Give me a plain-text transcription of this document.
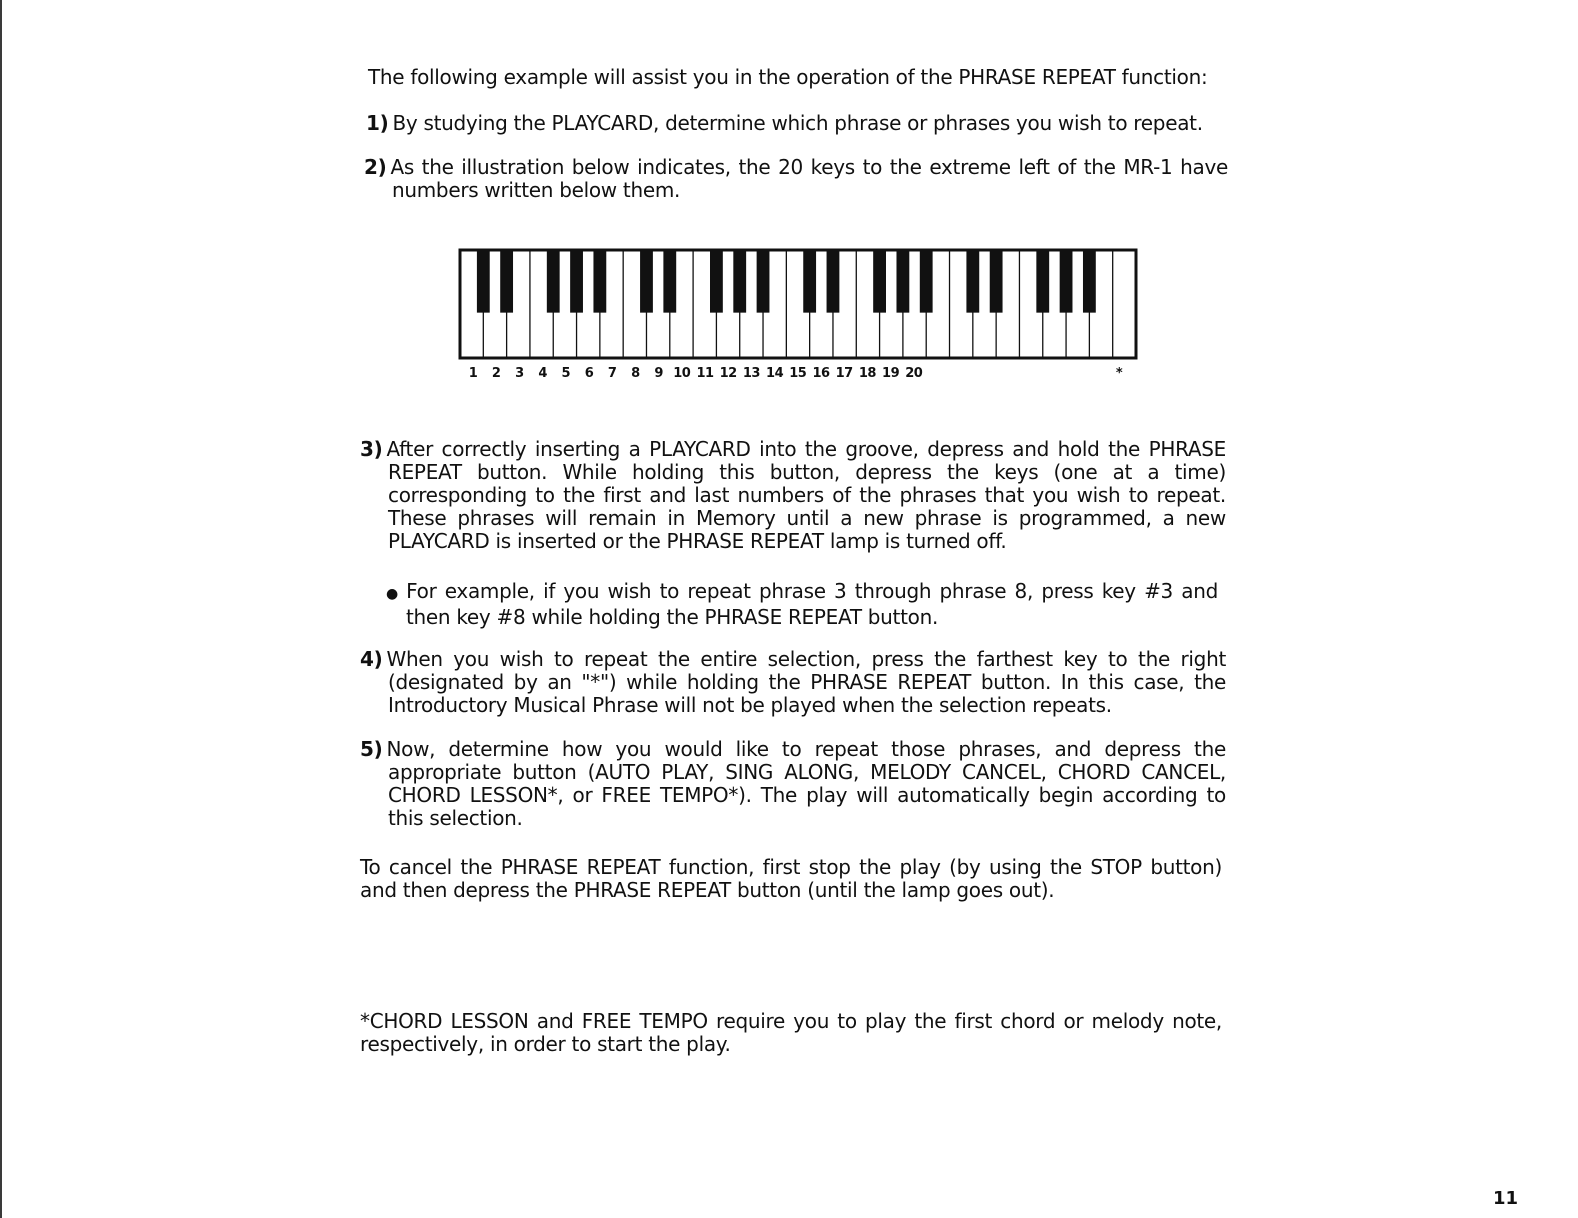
The following example will assist you in the operation of the PHRASE REPEAT function:

1) By studying the PLAYCARD, determine which phrase or phrases you wish to repeat.

2) As the illustration below indicates, the 20 keys to the extreme left of the MR-1 have numbers written below them.

1	2	3	4	5	6	7	8	9 10 11 12 13 14 15 16 17 18 19 20	*

3) After correctly inserting a PLAYCARD into the groove, depress and hold the PHRASE REPEAT button. While holding this button, depress the keys (one at a time) corresponding to the first and last numbers of the phrases that you wish to repeat. These phrases will remain in Memory until a new phrase is programmed, a new PLAYCARD is inserted or the PHRASE REPEAT lamp is turned off.

● For example, if you wish to repeat phrase 3 through phrase 8, press key #3 and then key #8 while holding the PHRASE REPEAT button.

4) When you wish to repeat the entire selection, press the farthest key to the right (designated by an "*") while holding the PHRASE REPEAT button. In this case, the Introductory Musical Phrase will not be played when the selection repeats.

5) Now, determine how you would like to repeat those phrases, and depress the appropriate button (AUTO PLAY, SING ALONG, MELODY CANCEL, CHORD CANCEL, CHORD LESSON*, or FREE TEMPO*). The play will automatically begin according to this selection.

To cancel the PHRASE REPEAT function, first stop the play (by using the STOP button) and then depress the PHRASE REPEAT button (until the lamp goes out).

*CHORD LESSON and FREE TEMPO require you to play the first chord or melody note, respectively, in order to start the play.

11
